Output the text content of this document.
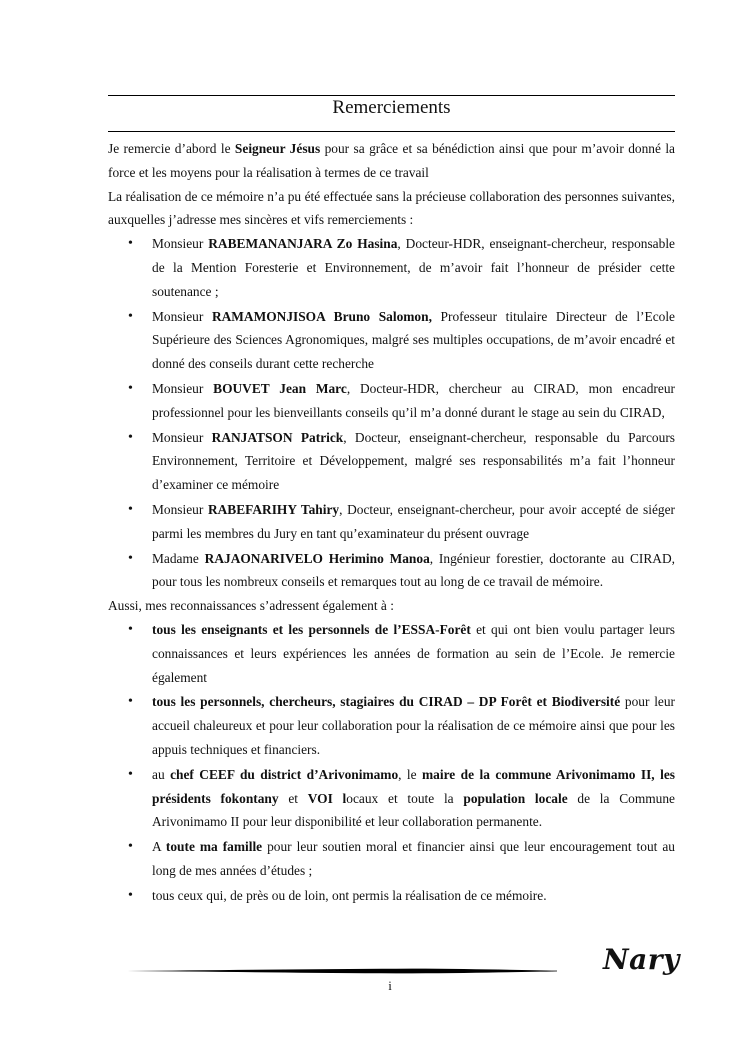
Remerciements

Je remercie d’abord le Seigneur Jésus pour sa grâce et sa bénédiction ainsi que pour m’avoir donné la force et les moyens pour la réalisation à termes de ce travail

La réalisation de ce mémoire n’a pu été effectuée sans la précieuse collaboration des personnes suivantes, auxquelles j’adresse mes sincères et vifs remerciements :

• Monsieur RABEMANANJARA Zo Hasina, Docteur-HDR, enseignant-chercheur, responsable de la Mention Foresterie et Environnement, de m’avoir fait l’honneur de présider cette soutenance ;
• Monsieur RAMAMONJISOA Bruno Salomon, Professeur titulaire Directeur de l’Ecole Supérieure des Sciences Agronomiques, malgré ses multiples occupations, de m’avoir encadré et donné des conseils durant cette recherche
• Monsieur BOUVET Jean Marc, Docteur-HDR, chercheur au CIRAD, mon encadreur professionnel pour les bienveillants conseils qu’il m’a donné durant le stage au sein du CIRAD,
• Monsieur RANJATSON Patrick, Docteur, enseignant-chercheur, responsable du Parcours Environnement, Territoire et Développement, malgré ses responsabilités m’a fait l’honneur d’examiner ce mémoire
• Monsieur RABEFARIHY Tahiry, Docteur, enseignant-chercheur, pour avoir accepté de siéger parmi les membres du Jury en tant qu’examinateur du présent ouvrage
• Madame RAJAONARIVELO Herimino Manoa, Ingénieur forestier, doctorante au CIRAD, pour tous les nombreux conseils et remarques tout au long de ce travail de mémoire.

Aussi, mes reconnaissances s’adressent également à :

• tous les enseignants et les personnels de l’ESSA-Forêt et qui ont bien voulu partager leurs connaissances et leurs expériences les années de formation au sein de l’Ecole. Je remercie également
• tous les personnels, chercheurs, stagiaires du CIRAD – DP Forêt et Biodiversité pour leur accueil chaleureux et pour leur collaboration pour la réalisation de ce mémoire ainsi que pour les appuis techniques et financiers.
• au chef CEEF du district d’Arivonimamo, le maire de la commune Arivonimamo II, les présidents fokontany et VOI locaux et toute la population locale de la Commune Arivonimamo II pour leur disponibilité et leur collaboration permanente.
• A toute ma famille pour leur soutien moral et financier ainsi que leur encouragement tout au long de mes années d’études ;
• tous ceux qui, de près ou de loin, ont permis la réalisation de ce mémoire.
Nary
i
